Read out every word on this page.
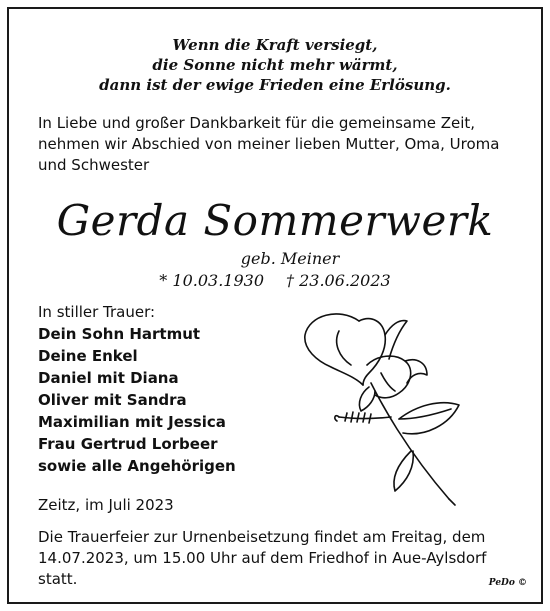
Wenn die Kraft versiegt,
die Sonne nicht mehr wärmt,
dann ist der ewige Frieden eine Erlösung.
In Liebe und großer Dankbarkeit für die gemeinsame Zeit,
nehmen wir Abschied von meiner lieben Mutter, Oma, Uroma
und Schwester
Gerda Sommerwerk
geb. Meiner
* 10.03.1930 † 23.06.2023
In stiller Trauer:
Dein Sohn Hartmut
Deine Enkel
Daniel mit Diana
Oliver mit Sandra
Maximilian mit Jessica
Frau Gertrud Lorbeer
sowie alle Angehörigen
Zeitz, im Juli 2023
Die Trauerfeier zur Urnenbeisetzung findet am Freitag, dem
14.07.2023, um 15.00 Uhr auf dem Friedhof in Aue-Aylsdorf
statt.	PeDo ©
